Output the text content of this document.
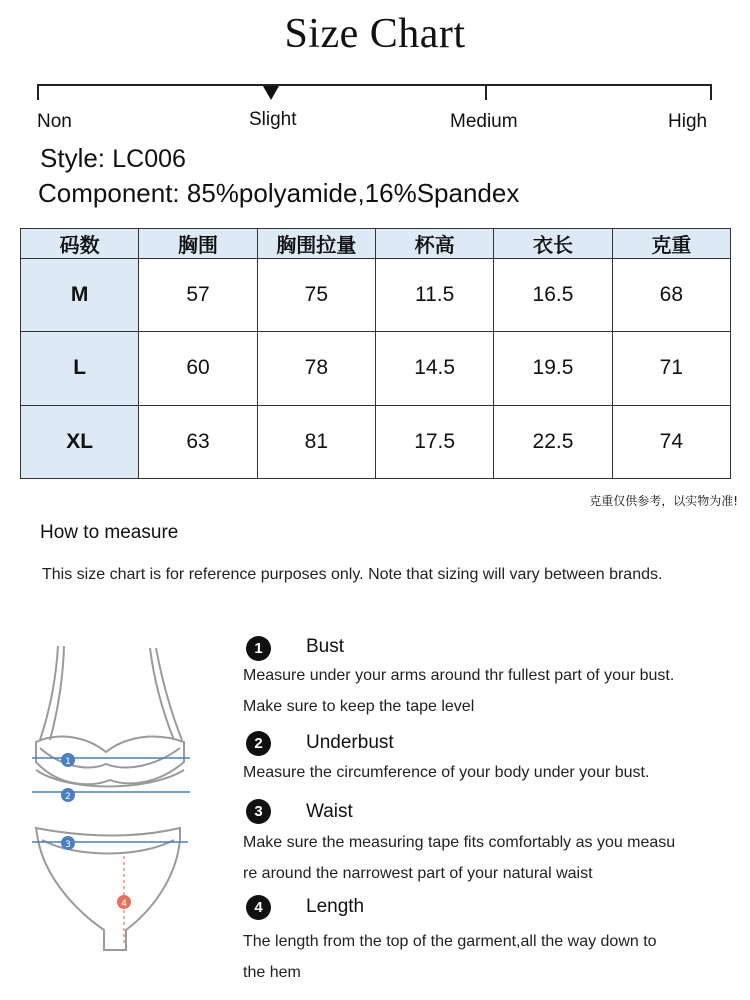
Size Chart
Non	Slight	Medium	High
Style: LC006
Component: 85%polyamide,16%Spandex
码数	胸围	胸围拉量	杯高	衣长	克重
M	57	75	11.5	16.5	68
L	60	78	14.5	19.5	71
XL	63	81	17.5	22.5	74
克重仅供参考，以实物为准!
How to measure
This size chart is for reference purposes only. Note that sizing will vary between brands.
1
2
3
4
1	Bust
Measure under your arms around thr fullest part of your bust.
Make sure to keep the tape level
2	Underbust
Measure the circumference of your body under your bust.
3	Waist
Make sure the measuring tape fits comfortably as you measu
re around the narrowest part of your natural waist
4	Length
The length from the top of the garment,all the way down to
the hem
